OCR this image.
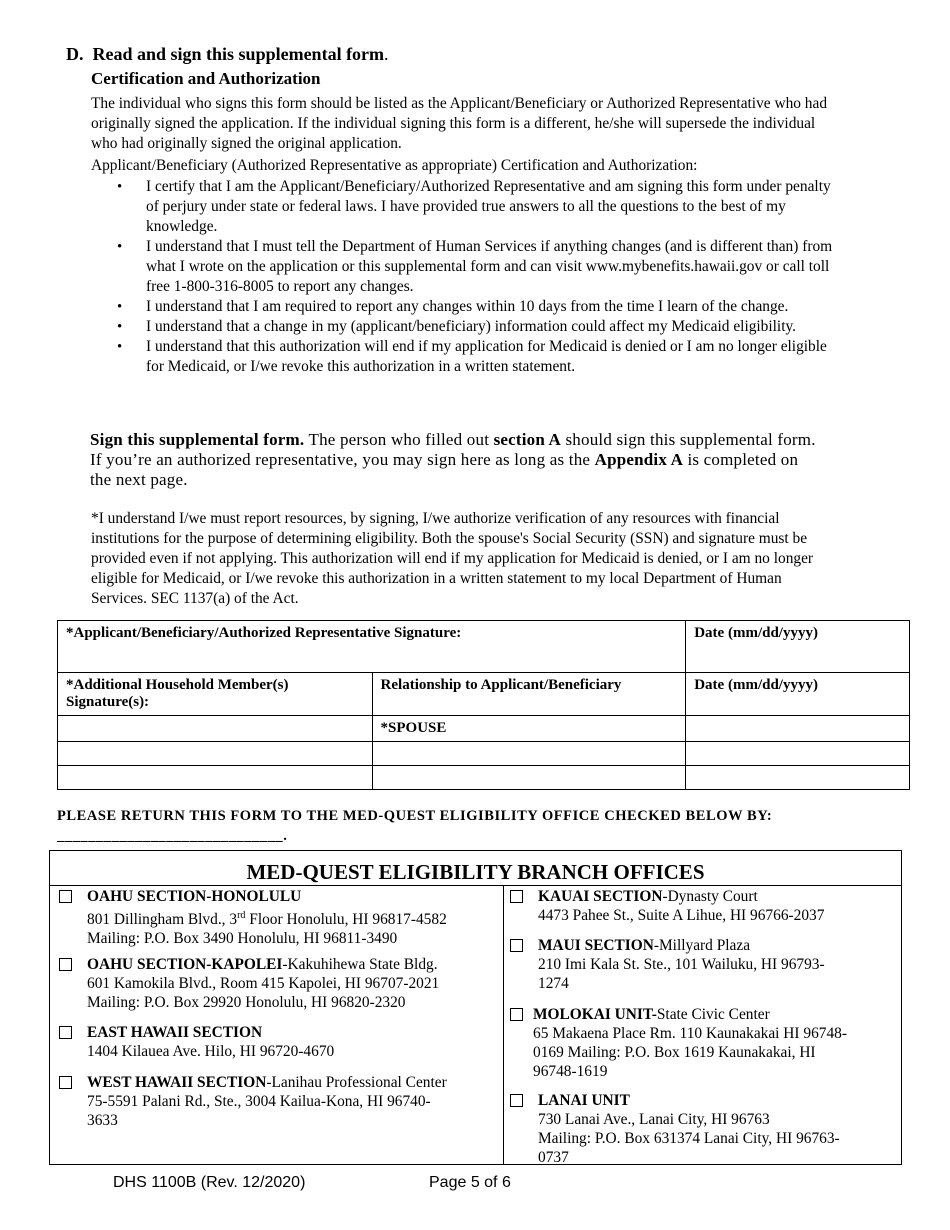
D. Read and sign this supplemental form.
Certification and Authorization
The individual who signs this form should be listed as the Applicant/Beneficiary or Authorized Representative who had originally signed the application. If the individual signing this form is a different, he/she will supersede the individual who had originally signed the original application.
Applicant/Beneficiary (Authorized Representative as appropriate) Certification and Authorization:
• I certify that I am the Applicant/Beneficiary/Authorized Representative and am signing this form under penalty of perjury under state or federal laws. I have provided true answers to all the questions to the best of my knowledge.
• I understand that I must tell the Department of Human Services if anything changes (and is different than) from what I wrote on the application or this supplemental form and can visit www.mybenefits.hawaii.gov or call toll free 1-800-316-8005 to report any changes.
• I understand that I am required to report any changes within 10 days from the time I learn of the change.
• I understand that a change in my (applicant/beneficiary) information could affect my Medicaid eligibility.
• I understand that this authorization will end if my application for Medicaid is denied or I am no longer eligible for Medicaid, or I/we revoke this authorization in a written statement.
Sign this supplemental form. The person who filled out section A should sign this supplemental form. If you’re an authorized representative, you may sign here as long as the Appendix A is completed on the next page.
*I understand I/we must report resources, by signing, I/we authorize verification of any resources with financial institutions for the purpose of determining eligibility. Both the spouse's Social Security (SSN) and signature must be provided even if not applying. This authorization will end if my application for Medicaid is denied, or I am no longer eligible for Medicaid, or I/we revoke this authorization in a written statement to my local Department of Human Services. SEC 1137(a) of the Act.
*Applicant/Beneficiary/Authorized Representative Signature:		Date (mm/dd/yyyy)
*Additional Household Member(s) Signature(s):	Relationship to Applicant/Beneficiary	Date (mm/dd/yyyy)
	*SPOUSE	

PLEASE RETURN THIS FORM TO THE MED-QUEST ELIGIBILITY OFFICE CHECKED BELOW BY:
_____________________________.
MED-QUEST ELIGIBILITY BRANCH OFFICES
OAHU SECTION-HONOLULU
801 Dillingham Blvd., 3rd Floor Honolulu, HI 96817-4582
Mailing: P.O. Box 3490 Honolulu, HI 96811-3490
OAHU SECTION-KAPOLEI-Kakuhihewa State Bldg.
601 Kamokila Blvd., Room 415 Kapolei, HI 96707-2021
Mailing: P.O. Box 29920 Honolulu, HI 96820-2320
EAST HAWAII SECTION
1404 Kilauea Ave. Hilo, HI 96720-4670
WEST HAWAII SECTION-Lanihau Professional Center
75-5591 Palani Rd., Ste., 3004 Kailua-Kona, HI 96740-
3633
KAUAI SECTION-Dynasty Court
4473 Pahee St., Suite A Lihue, HI 96766-2037
MAUI SECTION-Millyard Plaza
210 Imi Kala St. Ste., 101 Wailuku, HI 96793-
1274
MOLOKAI UNIT-State Civic Center
65 Makaena Place Rm. 110 Kaunakakai HI 96748-
0169 Mailing: P.O. Box 1619 Kaunakakai, HI
96748-1619
LANAI UNIT
730 Lanai Ave., Lanai City, HI 96763
Mailing: P.O. Box 631374 Lanai City, HI 96763-
0737
DHS 1100B (Rev. 12/2020)	Page 5 of 6
